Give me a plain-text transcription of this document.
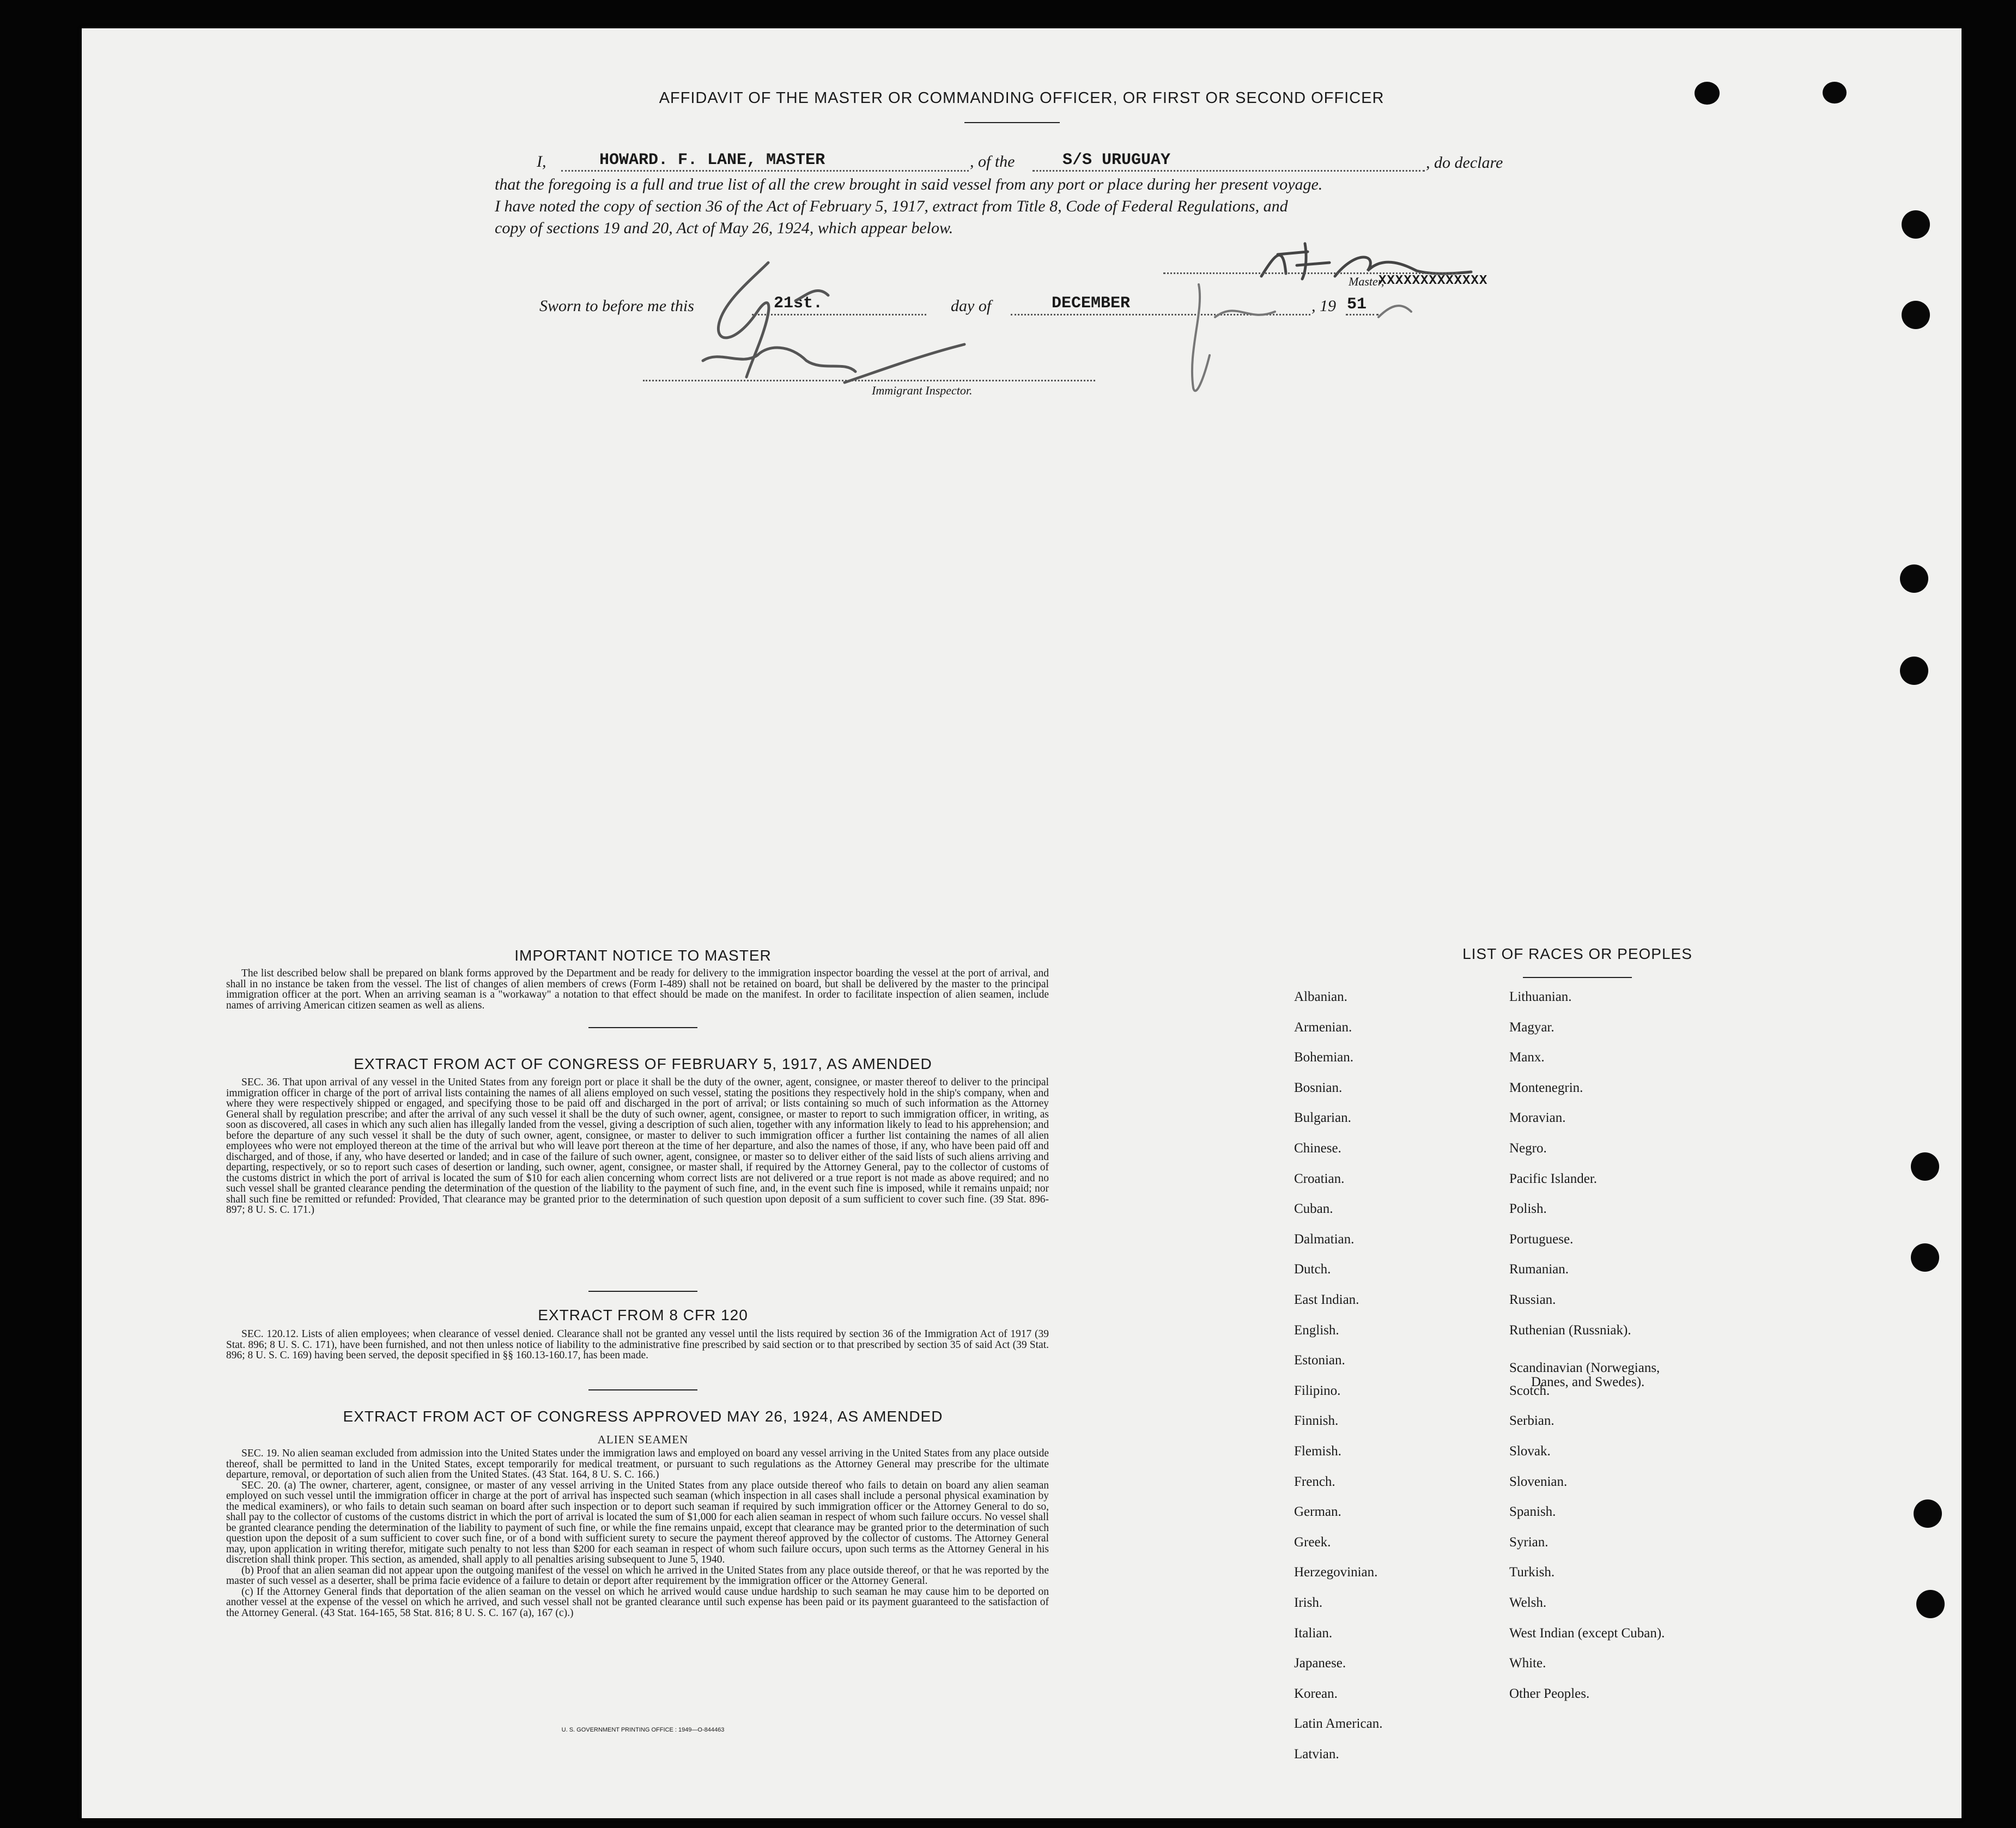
AFFIDAVIT OF THE MASTER OR COMMANDING OFFICER, OR FIRST OR SECOND OFFICER
I,	HOWARD. F. LANE, MASTER	, of the	S/S URUGUAY	, do declare
that the foregoing is a full and true list of all the crew brought in said vessel from any port or place during her present voyage.
I have noted the copy of section 36 of the Act of February 5, 1917, extract from Title 8, Code of Federal Regulations, and
copy of sections 19 and 20, Act of May 26, 1924, which appear below.
Master,
XXXXXXXXXXXXX
Sworn to before me this	21st.	day of	DECEMBER	, 19 51
Immigrant Inspector.
IMPORTANT NOTICE TO MASTER

The list described below shall be prepared on blank forms approved by the Department and be ready for delivery to the immigration inspector boarding the vessel at the port of arrival, and shall in no instance be taken from the vessel. The list of changes of alien members of crews (Form I-489) shall not be retained on board, but shall be delivered by the master to the principal immigration officer at the port. When an arriving seaman is a "workaway" a notation to that effect should be made on the manifest. In order to facilitate inspection of alien seamen, include names of arriving American citizen seamen as well as aliens.

EXTRACT FROM ACT OF CONGRESS OF FEBRUARY 5, 1917, AS AMENDED

SEC. 36. That upon arrival of any vessel in the United States from any foreign port or place it shall be the duty of the owner, agent, consignee, or master thereof to deliver to the principal immigration officer in charge of the port of arrival lists containing the names of all aliens employed on such vessel, stating the positions they respectively hold in the ship's company, when and where they were respectively shipped or engaged, and specifying those to be paid off and discharged in the port of arrival; or lists containing so much of such information as the Attorney General shall by regulation prescribe; and after the arrival of any such vessel it shall be the duty of such owner, agent, consignee, or master to report to such immigration officer, in writing, as soon as discovered, all cases in which any such alien has illegally landed from the vessel, giving a description of such alien, together with any information likely to lead to his apprehension; and before the departure of any such vessel it shall be the duty of such owner, agent, consignee, or master to deliver to such immigration officer a further list containing the names of all alien employees who were not employed thereon at the time of the arrival but who will leave port thereon at the time of her departure, and also the names of those, if any, who have been paid off and discharged, and of those, if any, who have deserted or landed; and in case of the failure of such owner, agent, consignee, or master so to deliver either of the said lists of such aliens arriving and departing, respectively, or so to report such cases of desertion or landing, such owner, agent, consignee, or master shall, if required by the Attorney General, pay to the collector of customs of the customs district in which the port of arrival is located the sum of $10 for each alien concerning whom correct lists are not delivered or a true report is not made as above required; and no such vessel shall be granted clearance pending the determination of the question of the liability to the payment of such fine, and, in the event such fine is imposed, while it remains unpaid; nor shall such fine be remitted or refunded: Provided, That clearance may be granted prior to the determination of such question upon deposit of a sum sufficient to cover such fine. (39 Stat. 896-897; 8 U. S. C. 171.)

EXTRACT FROM 8 CFR 120

SEC. 120.12. Lists of alien employees; when clearance of vessel denied. Clearance shall not be granted any vessel until the lists required by section 36 of the Immigration Act of 1917 (39 Stat. 896; 8 U. S. C. 171), have been furnished, and not then unless notice of liability to the administrative fine prescribed by said section or to that prescribed by section 35 of said Act (39 Stat. 896; 8 U. S. C. 169) having been served, the deposit specified in §§ 160.13-160.17, has been made.

EXTRACT FROM ACT OF CONGRESS APPROVED MAY 26, 1924, AS AMENDED
ALIEN SEAMEN

SEC. 19. No alien seaman excluded from admission into the United States under the immigration laws and employed on board any vessel arriving in the United States from any place outside thereof, shall be permitted to land in the United States, except temporarily for medical treatment, or pursuant to such regulations as the Attorney General may prescribe for the ultimate departure, removal, or deportation of such alien from the United States. (43 Stat. 164, 8 U. S. C. 166.)

SEC. 20. (a) The owner, charterer, agent, consignee, or master of any vessel arriving in the United States from any place outside thereof who fails to detain on board any alien seaman employed on such vessel until the immigration officer in charge at the port of arrival has inspected such seaman (which inspection in all cases shall include a personal physical examination by the medical examiners), or who fails to detain such seaman on board after such inspection or to deport such seaman if required by such immigration officer or the Attorney General to do so, shall pay to the collector of customs of the customs district in which the port of arrival is located the sum of $1,000 for each alien seaman in respect of whom such failure occurs. No vessel shall be granted clearance pending the determination of the liability to payment of such fine, or while the fine remains unpaid, except that clearance may be granted prior to the determination of such question upon the deposit of a sum sufficient to cover such fine, or of a bond with sufficient surety to secure the payment thereof approved by the collector of customs. The Attorney General may, upon application in writing therefor, mitigate such penalty to not less than $200 for each seaman in respect of whom such failure occurs, upon such terms as the Attorney General in his discretion shall think proper. This section, as amended, shall apply to all penalties arising subsequent to June 5, 1940.

(b) Proof that an alien seaman did not appear upon the outgoing manifest of the vessel on which he arrived in the United States from any place outside thereof, or that he was reported by the master of such vessel as a deserter, shall be prima facie evidence of a failure to detain or deport after requirement by the immigration officer or the Attorney General.

(c) If the Attorney General finds that deportation of the alien seaman on the vessel on which he arrived would cause undue hardship to such seaman he may cause him to be deported on another vessel at the expense of the vessel on which he arrived, and such vessel shall not be granted clearance until such expense has been paid or its payment guaranteed to the satisfaction of the Attorney General. (43 Stat. 164-165, 58 Stat. 816; 8 U. S. C. 167 (a), 167 (c).)

U. S. GOVERNMENT PRINTING OFFICE : 1949—O-844463
LIST OF RACES OR PEOPLES
Albanian.
Armenian.
Bohemian.
Bosnian.
Bulgarian.
Chinese.
Croatian.
Cuban.
Dalmatian.
Dutch.
East Indian.
English.
Estonian.
Filipino.
Finnish.
Flemish.
French.
German.
Greek.
Herzegovinian.
Irish.
Italian.
Japanese.
Korean.
Latin American.
Latvian.
Lithuanian.
Magyar.
Manx.
Montenegrin.
Moravian.
Negro.
Pacific Islander.
Polish.
Portuguese.
Rumanian.
Russian.
Ruthenian (Russniak).
Scandinavian (Norwegians,
Danes, and Swedes).
Scotch.
Serbian.
Slovak.
Slovenian.
Spanish.
Syrian.
Turkish.
Welsh.
West Indian (except Cuban).
White.
Other Peoples.
